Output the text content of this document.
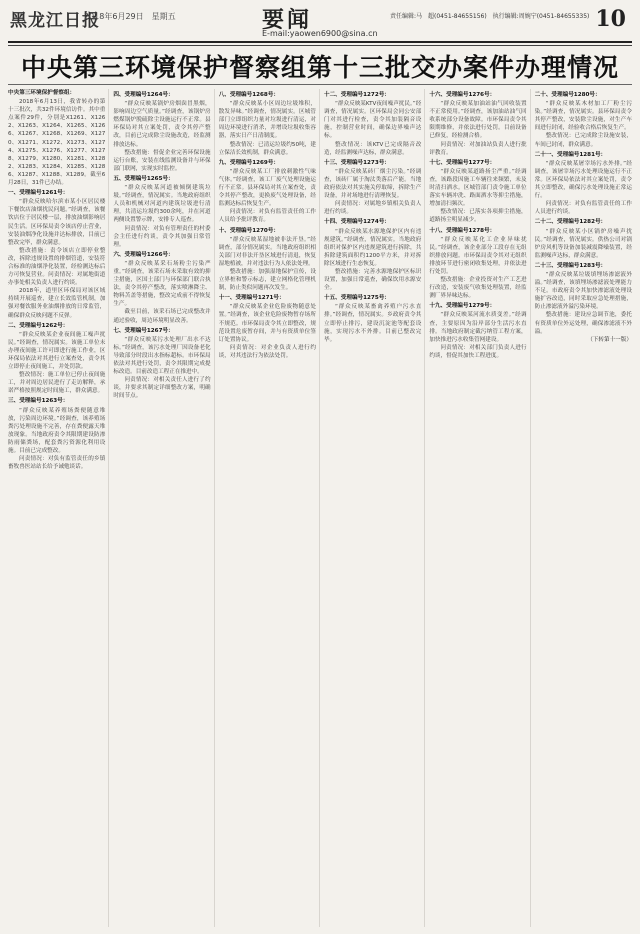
黑龙江日报
2018年6月29日　星期五	要闻
E-mail:yaowen6900@sina.cn
责任编辑:马　超(0451-84655156)　执行编辑:周婉宁(0451-84655335) 10
中央第三环境保护督察组第十三批交办案件办理情况

中央第三环境保护督察组：

2018年6月13日，我省转办的第十三批次，共32件环境信访件。其中重点案件29件，分别是X1261、X1262、X1263、X1264、X1265、X1266、X1267、X1268、X1269、X1270、X1271、X1272、X1273、X1274、X1275、X1276、X1277、X1278、X1279、X1280、X1281、X1282、X1283、X1284、X1285、X1286、X1287、X1288、X1289。截至6月28日，31件已办结。

一、受理编号1261号：

“群众反映哈尔滨市某小区居民楼下餐饮店油烟扰民问题。”经调查，该餐饮店位于居民楼一层，排放油烟影响居民生活。区环保局责令该店停止营业，安装油烟净化设施并达标排放，目前已整改完毕，群众满意。

整改措施：责令该店立即停业整改，拆除违规设置的排烟管道，安装符合标准的油烟净化装置，经检测达标后方可恢复营业。问责情况：对属地街道办事处相关负责人进行约谈。

2018年，道里区环保局对该区域持续开展巡查，建立长效监管机制，加强对餐饮服务业油烟排放的日常监管，确保群众反映问题不反弹。

二、受理编号1262号：

“群众反映某企业夜间施工噪声扰民。”经调查，情况属实。该施工单位未办理夜间施工许可即进行施工作业，区环保局依法对其进行立案查处，责令其立即停止夜间施工，并处罚款。

整改情况：施工单位已停止夜间施工，并对周边居民进行了走访解释，承诺严格按照规定时间施工，群众满意。

三、受理编号1263号：

“群众反映某养殖场粪便随意堆放，污染周边环境。”经调查，该养殖场粪污处理设施不完善，存在粪便露天堆放现象。当地政府责令其限期建设防渗防雨储粪场，配套粪污资源化利用设施。目前已完成整改。

问责情况：对负有监管责任的乡镇畜牧兽医站站长给予诫勉谈话。

四、受理编号1264号：

“群众反映某锅炉房烟囱冒黑烟，影响周边空气质量。”经调查，该锅炉房燃煤锅炉脱硫除尘设施运行不正常。县环保局对其立案处罚，责令其停产整改，目前已完成除尘设施改造，经监测排放达标。

整改措施：督促企业完善环保设施运行台账，安装在线监测设备并与环保部门联网，实现实时监控。

五、受理编号1265号：

“群众反映某河道被倾倒建筑垃圾。”经调查，情况属实。当地政府组织人员和机械对河道内建筑垃圾进行清理，共清运垃圾约300余吨，并在河道两侧设置警示牌，安排专人巡查。

问责情况：对负有管理责任的村委会主任进行约谈，责令其加强日常管理。

六、受理编号1266号：

“群众反映某采石场粉尘污染严重。”经调查，该采石场未采取有效的抑尘措施，区国土部门与环保部门联合执法，责令其停产整改，落实喷淋降尘、物料苫盖等措施，整改完成前不得恢复生产。

截至目前，该采石场已完成整改并通过验收，周边环境明显改善。

七、受理编号1267号：

“群众反映某污水处理厂出水不达标。”经调查，该污水处理厂因设备老化导致部分时段出水指标超标。市环保局依法对其进行处罚，责令其限期完成提标改造。目前改造工程正在推进中。

问责情况：对相关责任人进行了约谈，并要求其制定详细整改方案，明确时间节点。

八、受理编号1268号：

“群众反映某小区周边垃圾堆积，散发异味。”经调查，情况属实。区城管部门立即组织力量对垃圾进行清运，对周边环境进行消杀，并增设垃圾收集容器，落实日产日清制度。

整改情况：已清运垃圾约50吨，建立保洁长效机制，群众满意。

九、受理编号1269号：

“群众反映某工厂排放刺激性气味气体。”经调查，该工厂废气处理设施运行不正常。县环保局对其立案查处，责令其停产整改，更换废气处理设备，经监测达标后恢复生产。

问责情况：对负有监管责任的工作人员给予批评教育。

十、受理编号1270号：

“群众反映某湿地被非法开垦。”经调查，部分情况属实。当地政府组织相关部门对非法开垦区域进行清退，恢复湿地植被，并对违法行为人依法处理。

整改措施：加强湿地保护宣传，设立界桩和警示标志，建立网格化管理机制，防止类似问题再次发生。

十一、受理编号1271号：

“群众反映某企业危险废物随意处置。”经调查，该企业危险废物暂存场所不规范。市环保局责令其立即整改，规范设置危废暂存间，并与有资质单位签订处置协议。

问责情况：对企业负责人进行约谈，对其违法行为依法处罚。

十二、受理编号1272号：

“群众反映某KTV夜间噪声扰民。”经调查，情况属实。区环保局会同公安部门对其进行检查，责令其加装隔音设施，控制营业时间，确保边界噪声达标。

整改情况：该KTV已完成隔音改造，经监测噪声达标，群众满意。

十三、受理编号1273号：

“群众反映某砖厂烟尘污染。”经调查，该砖厂属于淘汰类落后产能。当地政府依法对其实施关停取缔，拆除生产设备，并对场地进行清理恢复。

问责情况：对属地乡镇相关负责人进行约谈。

十四、受理编号1274号：

“群众反映某水源地保护区内有违规建筑。”经调查，情况属实。当地政府组织对保护区内违规建筑进行拆除，共拆除建筑面积约1200平方米，并对拆除区域进行生态恢复。

整改措施：完善水源地保护区标识设置，加强日常巡查，确保饮用水源安全。

十五、受理编号1275号：

“群众反映某畜禽养殖户污水直排。”经调查，情况属实。乡政府责令其立即停止排污，建设沉淀池等配套设施，实现污水不外排。目前已整改完毕。

十六、受理编号1276号：

“群众反映某加油站油气回收装置不正常使用。”经调查，该加油站油气回收系统部分设备故障。市环保局责令其限期维修，并依法进行处罚。目前设备已修复，经检测合格。

问责情况：对加油站负责人进行批评教育。

十七、受理编号1277号：

“群众反映某道路扬尘严重。”经调查，该路段因施工车辆往来频繁，未及时清扫洒水。区城管部门责令施工单位落实车辆冲洗、路面洒水等抑尘措施，增加清扫频次。

整改情况：已落实各项抑尘措施，道路扬尘明显减少。

十八、受理编号1278号：

“群众反映某化工企业异味扰民。”经调查，该企业部分工段存在无组织排放问题。市环保局责令其对无组织排放环节进行密闭收集处理，并依法进行处罚。

整改措施：企业投资对生产工艺进行改造，安装废气收集处理装置，经监测厂界异味达标。

十九、受理编号1279号：

“群众反映某河流水质变差。”经调查，主要原因为沿岸部分生活污水直排。当地政府制定截污纳管工程方案，加快推进污水收集管网建设。

问责情况：对相关部门负责人进行约谈，督促其加快工程进度。

二十、受理编号1280号：

“群众反映某木材加工厂粉尘污染。”经调查，情况属实。县环保局责令其停产整改，安装除尘设施，对生产车间进行封闭，经验收合格后恢复生产。

整改情况：已完成除尘设施安装，车间已封闭，群众满意。

二十一、受理编号1281号：

“群众反映某屠宰场污水外排。”经调查，该屠宰场污水处理设施运行不正常。区环保局依法对其立案处罚，责令其立即整改，确保污水处理设施正常运行。

问责情况：对负有监管责任的工作人员进行约谈。

二十二、受理编号1282号：

“群众反映某小区锅炉房噪声扰民。”经调查，情况属实。供热公司对锅炉房风机等设备加装减震降噪装置，经监测噪声达标，群众满意。

二十三、受理编号1283号：

“群众反映某垃圾填埋场渗滤液外溢。”经调查，该填埋场渗滤液处理能力不足。市政府责令其加快渗滤液处理设施扩容改造，同时采取应急处理措施，防止渗滤液外溢污染环境。

整改措施：建设应急调节池，委托有资质单位外运处理，确保渗滤液不外溢。

（下转第十一版）
